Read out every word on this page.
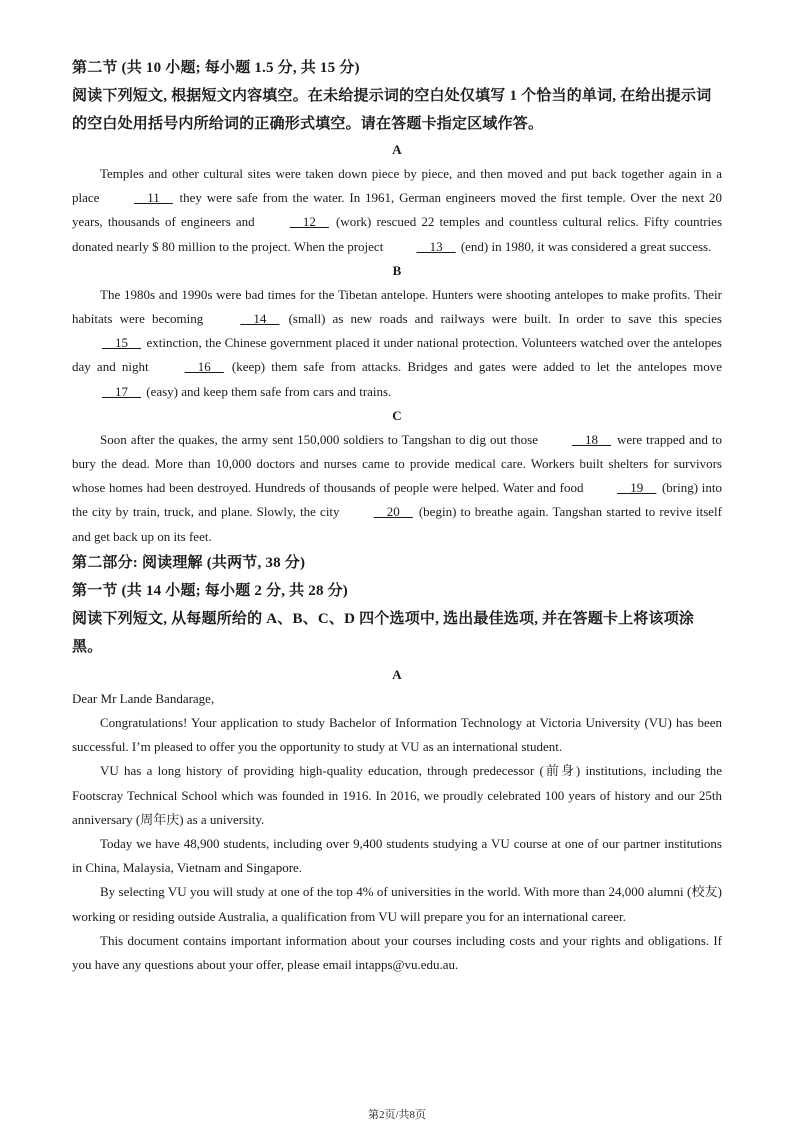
第二节 (共 10 小题; 每小题 1.5 分, 共 15 分)
阅读下列短文, 根据短文内容填空。在未给提示词的空白处仅填写 1 个恰当的单词, 在给出提示词的空白处用括号内所给词的正确形式填空。请在答题卡指定区域作答。
A

Temples and other cultural sites were taken down piece by piece, and then moved and put back together again in a place __11__ they were safe from the water. In 1961, German engineers moved the first temple. Over the next 20 years, thousands of engineers and __12__ (work) rescued 22 temples and countless cultural relics. Fifty countries donated nearly $ 80 million to the project. When the project __13__ (end) in 1980, it was considered a great success.

B

The 1980s and 1990s were bad times for the Tibetan antelope. Hunters were shooting antelopes to make profits. Their habitats were becoming __14__ (small) as new roads and railways were built. In order to save this species __15__ extinction, the Chinese government placed it under national protection. Volunteers watched over the antelopes day and night __16__ (keep) them safe from attacks. Bridges and gates were added to let the antelopes move __17__ (easy) and keep them safe from cars and trains.

C

Soon after the quakes, the army sent 150,000 soldiers to Tangshan to dig out those __18__ were trapped and to bury the dead. More than 10,000 doctors and nurses came to provide medical care. Workers built shelters for survivors whose homes had been destroyed. Hundreds of thousands of people were helped. Water and food __19__ (bring) into the city by train, truck, and plane. Slowly, the city __20__ (begin) to breathe again. Tangshan started to revive itself and get back up on its feet.

第二部分: 阅读理解 (共两节, 38 分)
第一节 (共 14 小题; 每小题 2 分, 共 28 分)
阅读下列短文, 从每题所给的 A、B、C、D 四个选项中, 选出最佳选项, 并在答题卡上将该项涂黑。
A

Dear Mr Lande Bandarage,

Congratulations! Your application to study Bachelor of Information Technology at Victoria University (VU) has been successful. I’m pleased to offer you the opportunity to study at VU as an international student.

VU has a long history of providing high-quality education, through predecessor (前身) institutions, including the Footscray Technical School which was founded in 1916. In 2016, we proudly celebrated 100 years of history and our 25th anniversary (周年庆) as a university.

Today we have 48,900 students, including over 9,400 students studying a VU course at one of our partner institutions in China, Malaysia, Vietnam and Singapore.

By selecting VU you will study at one of the top 4% of universities in the world. With more than 24,000 alumni (校友) working or residing outside Australia, a qualification from VU will prepare you for an international career.

This document contains important information about your courses including costs and your rights and obligations. If you have any questions about your offer, please email intapps@vu.edu.au.

第2页/共8页
